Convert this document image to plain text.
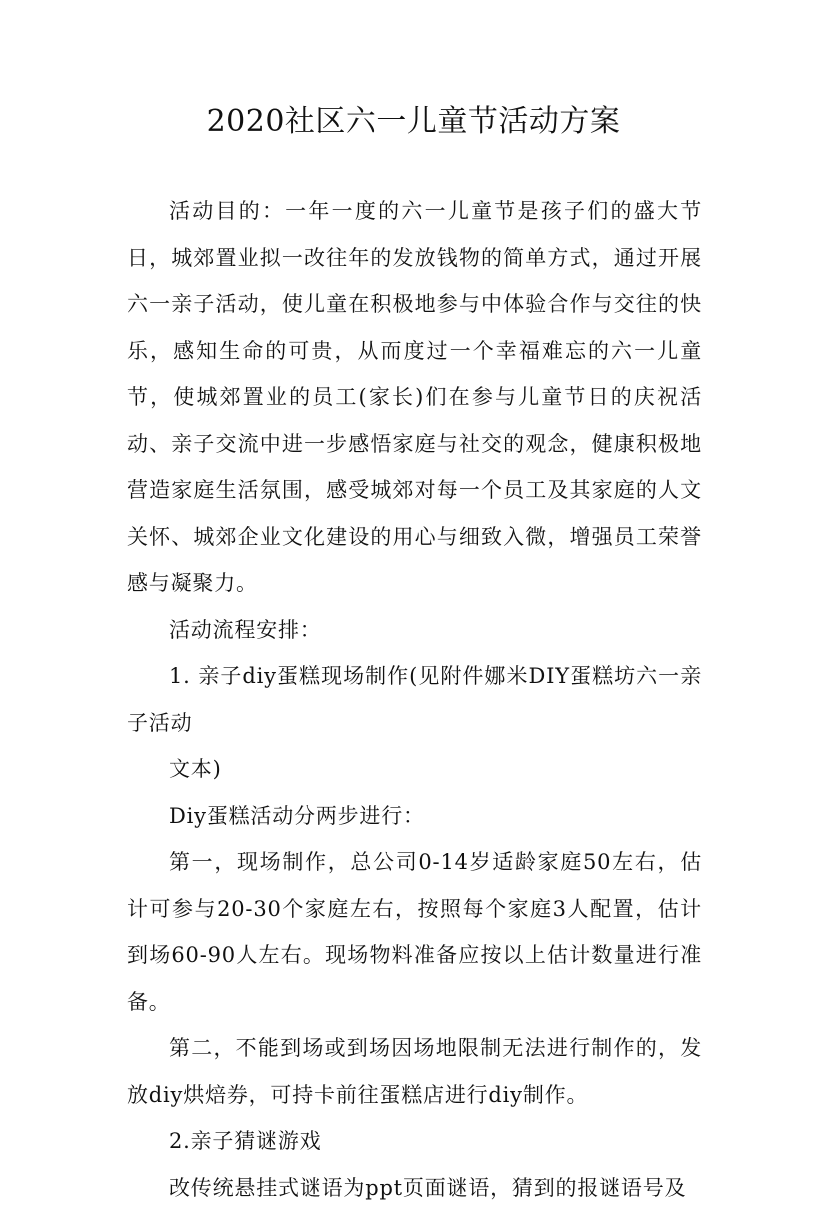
2020社区六一儿童节活动方案

活动目的：一年一度的六一儿童节是孩子们的盛大节日，城郊置业拟一改往年的发放钱物的简单方式，通过开展六一亲子活动，使儿童在积极地参与中体验合作与交往的快乐，感知生命的可贵，从而度过一个幸福难忘的六一儿童节，使城郊置业的员工(家长)们在参与儿童节日的庆祝活动、亲子交流中进一步感悟家庭与社交的观念，健康积极地营造家庭生活氛围，感受城郊对每一个员工及其家庭的人文关怀、城郊企业文化建设的用心与细致入微，增强员工荣誉感与凝聚力。

活动流程安排：

1. 亲子diy蛋糕现场制作(见附件娜米DIY蛋糕坊六一亲子活动

文本)

Diy蛋糕活动分两步进行：

第一，现场制作，总公司0-14岁适龄家庭50左右，估计可参与20-30个家庭左右，按照每个家庭3人配置，估计到场60-90人左右。现场物料准备应按以上估计数量进行准备。

第二，不能到场或到场因场地限制无法进行制作的，发放diy烘焙券，可持卡前往蛋糕店进行diy制作。

2.亲子猜谜游戏

改传统悬挂式谜语为ppt页面谜语，猜到的报谜语号及
